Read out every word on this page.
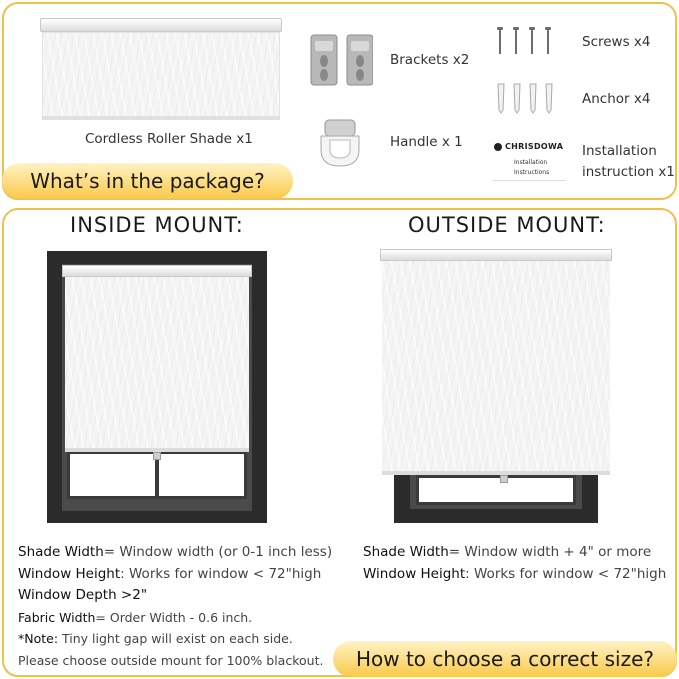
Cordless Roller Shade x1
Brackets x2
Handle x 1
Screws x4
Anchor x4
CHRISDOWA
Installation
Instructions
Installation
instruction x1
What’s in the package?
INSIDE MOUNT:	OUTSIDE MOUNT:
Shade Width= Window width (or 0-1 inch less)
Window Height: Works for window < 72"high
Window Depth >2"
Fabric Width= Order Width - 0.6 inch.
*Note: Tiny light gap will exist on each side.
Please choose outside mount for 100% blackout.
Shade Width= Window width + 4" or more
Window Height: Works for window < 72"high
How to choose a correct size?
